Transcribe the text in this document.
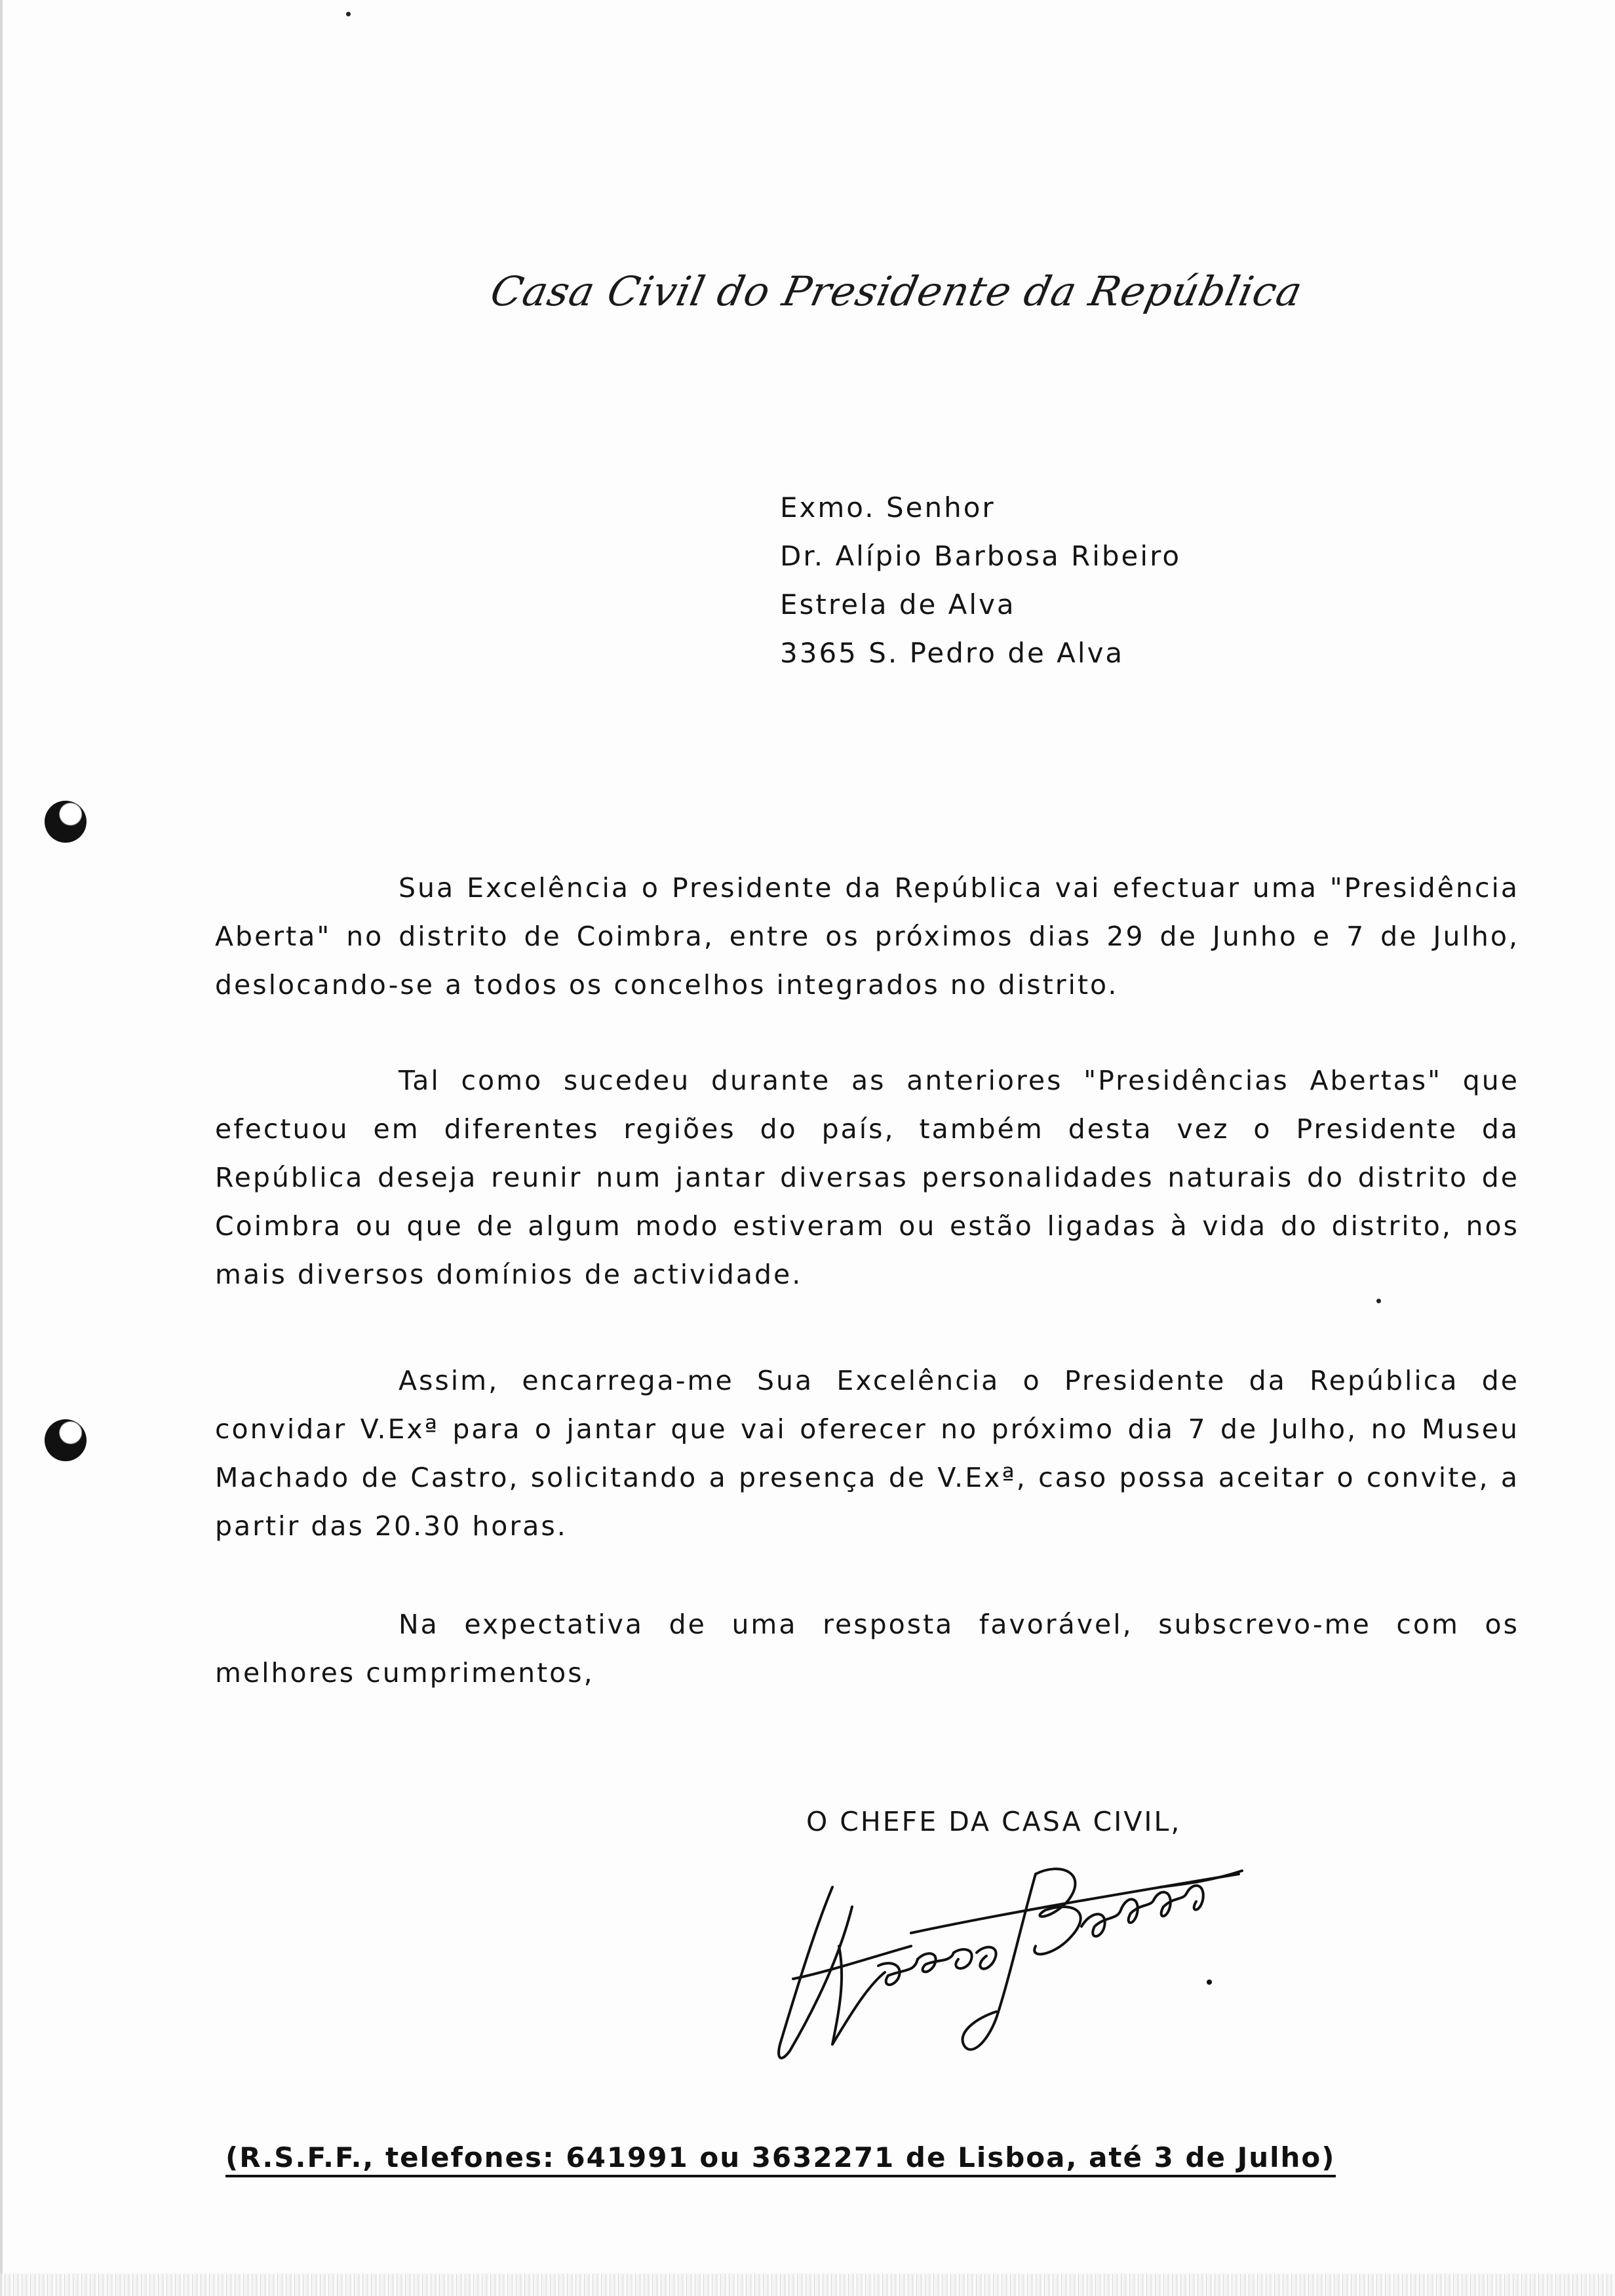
Casa Civil do Presidente da República
Exmo. Senhor
Dr. Alípio Barbosa Ribeiro
Estrela de Alva
3365 S. Pedro de Alva
Sua Excelência o Presidente da República vai efectuar uma "Presidência Aberta" no distrito de Coimbra, entre os próximos dias 29 de Junho e 7 de Julho, deslocando-se a todos os concelhos integrados no distrito.
Tal como sucedeu durante as anteriores "Presidências Abertas" que efectuou em diferentes regiões do país, também desta vez o Presidente da República deseja reunir num jantar diversas personalidades naturais do distrito de Coimbra ou que de algum modo estiveram ou estão ligadas à vida do distrito, nos mais diversos domínios de actividade.
Assim, encarrega-me Sua Excelência o Presidente da República de convidar V.Exª para o jantar que vai oferecer no próximo dia 7 de Julho, no Museu Machado de Castro, solicitando a presença de V.Exª, caso possa aceitar o convite, a partir das 20.30 horas.
Na expectativa de uma resposta favorável, subscrevo-me com os melhores cumprimentos,
O CHEFE DA CASA CIVIL,
(R.S.F.F., telefones: 641991 ou 3632271 de Lisboa, até 3 de Julho)
